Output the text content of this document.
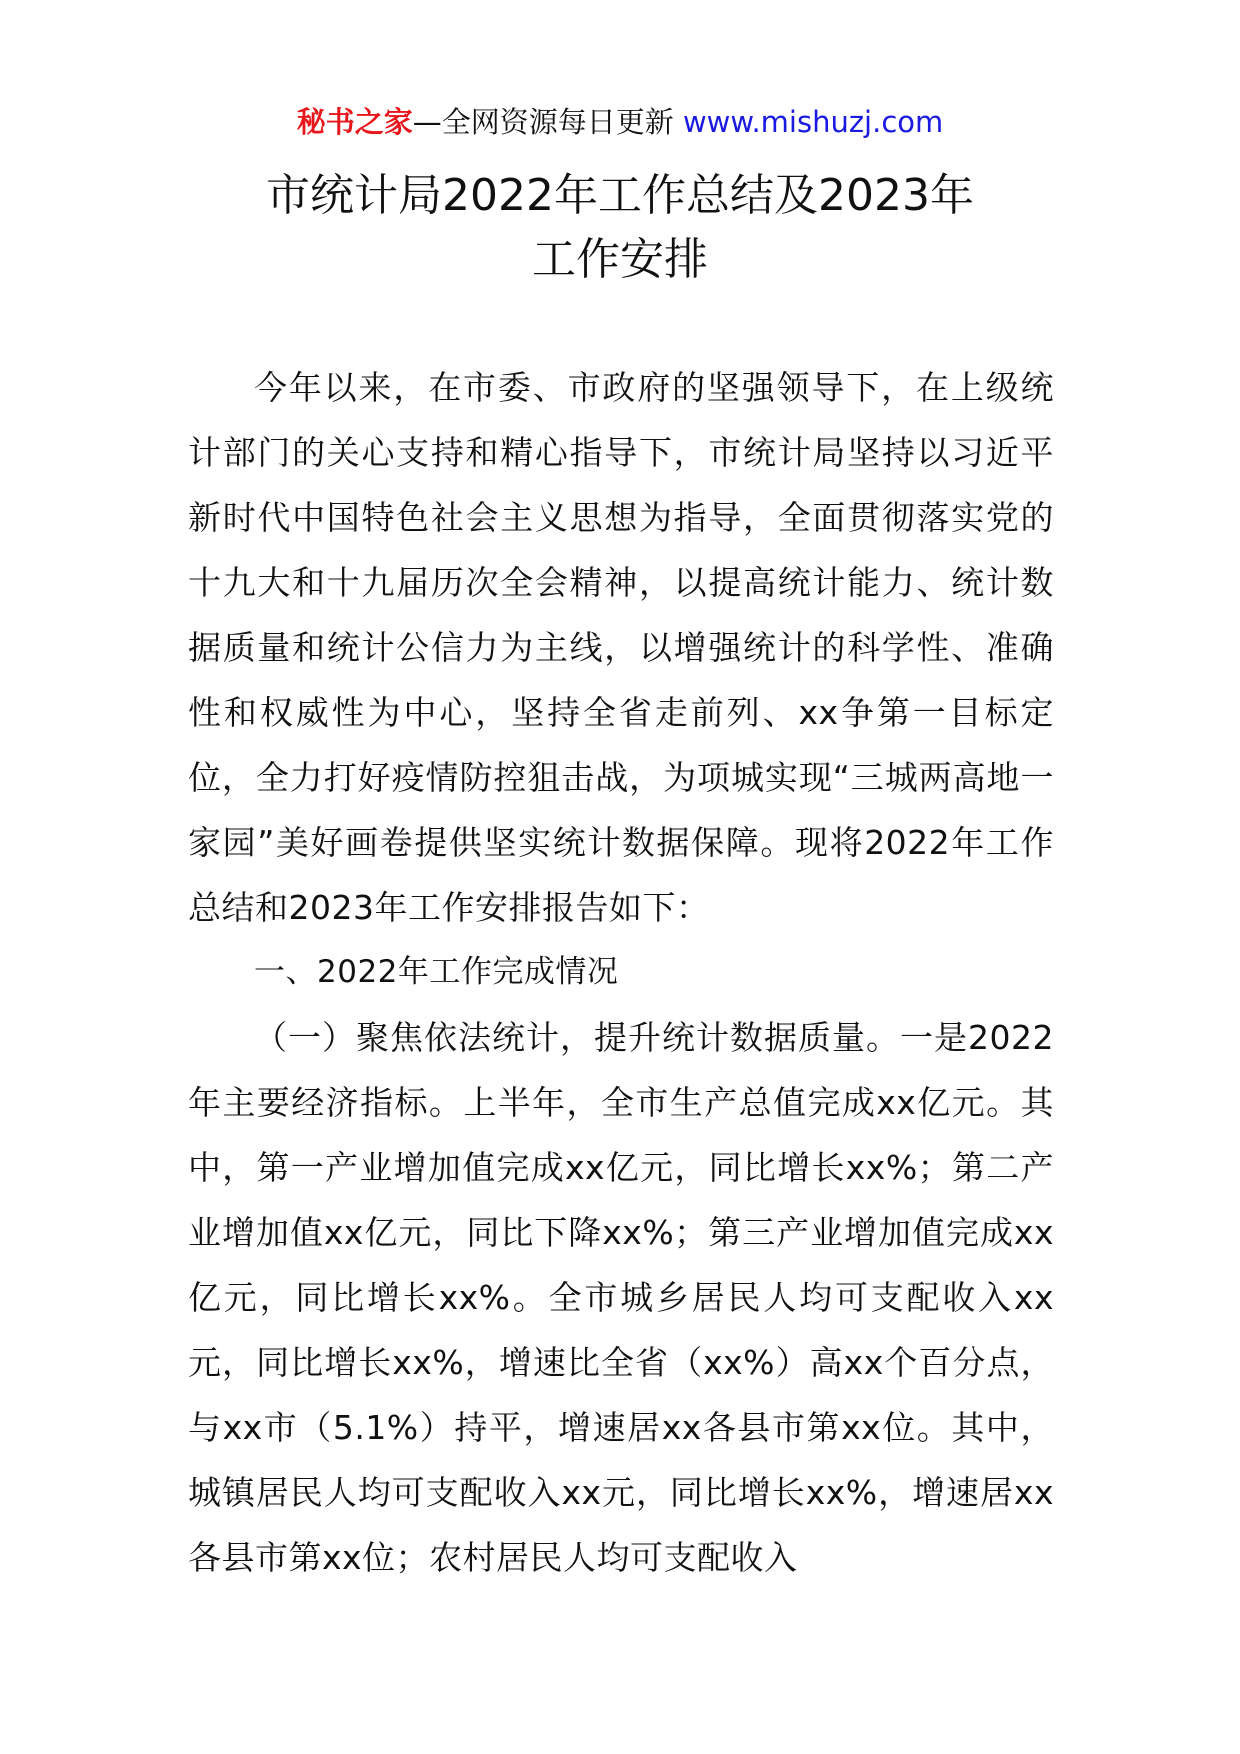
秘书之家—全网资源每日更新 www.mishuzj.com
市统计局2022年工作总结及2023年
工作安排

今年以来，在市委、市政府的坚强领导下，在上级统计部门的关心支持和精心指导下，市统计局坚持以习近平新时代中国特色社会主义思想为指导，全面贯彻落实党的十九大和十九届历次全会精神，以提高统计能力、统计数据质量和统计公信力为主线，以增强统计的科学性、准确性和权威性为中心，坚持全省走前列、xx争第一目标定位，全力打好疫情防控狙击战，为项城实现“三城两高地一家园”美好画卷提供坚实统计数据保障。现将2022年工作总结和2023年工作安排报告如下：

一、2022年工作完成情况

（一）聚焦依法统计，提升统计数据质量。一是2022年主要经济指标。上半年，全市生产总值完成xx亿元。其中，第一产业增加值完成xx亿元，同比增长xx%；第二产业增加值xx亿元，同比下降xx%；第三产业增加值完成xx亿元，同比增长xx%。全市城乡居民人均可支配收入xx元，同比增长xx%，增速比全省（xx%）高xx个百分点，与xx市（5.1%）持平，增速居xx各县市第xx位。其中，城镇居民人均可支配收入xx元，同比增长xx%，增速居xx各县市第xx位；农村居民人均可支配收入
